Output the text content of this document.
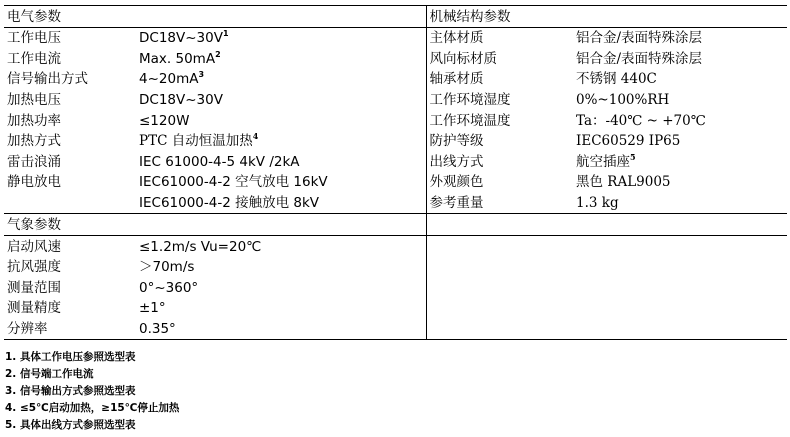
电气参数		机械结构参数	
工作电压	$DC18V\sim 30V^1$	主体材质	铝合金/表面特殊涂层
工作电流	Max. $50mA^2$	风向标材质	铝合金/表面特殊涂层
信号输出方式	$4\sim 20mA^3$	轴承材质	不锈钢 440C
加热电压	DC18V~30V	工作环境湿度	0%~100%RH
加热功率	≤120W	工作环境温度	Ta：-40℃ ~ +70℃
加热方式	PTC 自动恒温加热$^4$	防护等级	IEC60529 IP65
雷击浪涌	IEC 61000-4-5 4kV /2kA	出线方式	航空插座$^5$
静电放电	IEC61000-4-2 空气放电 16kV	外观颜色	黑色 RAL9005
	IEC61000-4-2 接触放电 8kV	参考重量	1.3 kg
气象参数			
启动风速	≤1.2m/s Vu=20℃		
抗风强度	＞70m/s		
测量范围	0°~360°		
测量精度	±1°		
分辨率	0.35°		
1. 具体工作电压参照选型表
2. 信号端工作电流
3. 信号输出方式参照选型表
4. ≤5℃启动加热，≥15℃停止加热
5. 具体出线方式参照选型表
